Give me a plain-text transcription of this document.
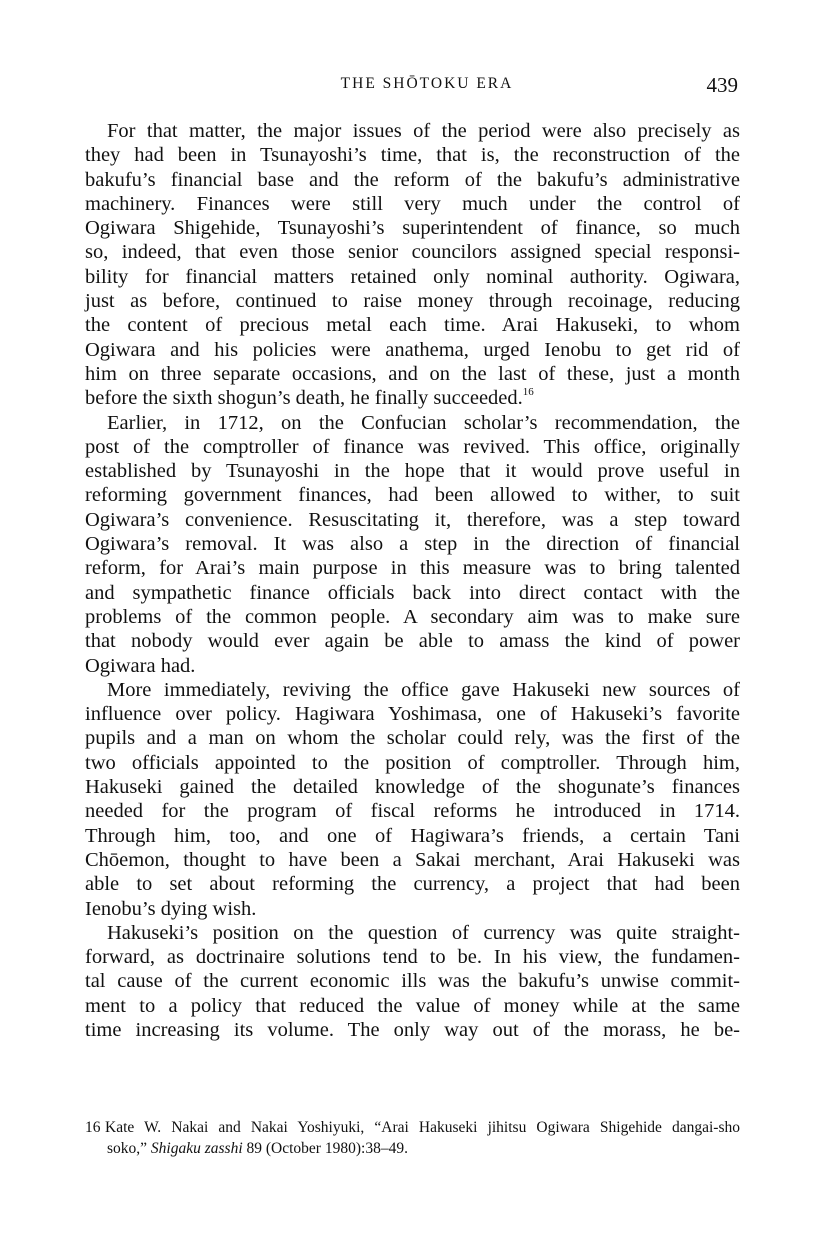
THE SHŌTOKU ERA	439
For that matter, the major issues of the period were also precisely as
they had been in Tsunayoshi’s time, that is, the reconstruction of the
bakufu’s financial base and the reform of the bakufu’s administrative
machinery. Finances were still very much under the control of
Ogiwara Shigehide, Tsunayoshi’s superintendent of finance, so much
so, indeed, that even those senior councilors assigned special responsi-
bility for financial matters retained only nominal authority. Ogiwara,
just as before, continued to raise money through recoinage, reducing
the content of precious metal each time. Arai Hakuseki, to whom
Ogiwara and his policies were anathema, urged Ienobu to get rid of
him on three separate occasions, and on the last of these, just a month
before the sixth shogun’s death, he finally succeeded.$^{16}$
Earlier, in 1712, on the Confucian scholar’s recommendation, the
post of the comptroller of finance was revived. This office, originally
established by Tsunayoshi in the hope that it would prove useful in
reforming government finances, had been allowed to wither, to suit
Ogiwara’s convenience. Resuscitating it, therefore, was a step toward
Ogiwara’s removal. It was also a step in the direction of financial
reform, for Arai’s main purpose in this measure was to bring talented
and sympathetic finance officials back into direct contact with the
problems of the common people. A secondary aim was to make sure
that nobody would ever again be able to amass the kind of power
Ogiwara had.
More immediately, reviving the office gave Hakuseki new sources of
influence over policy. Hagiwara Yoshimasa, one of Hakuseki’s favorite
pupils and a man on whom the scholar could rely, was the first of the
two officials appointed to the position of comptroller. Through him,
Hakuseki gained the detailed knowledge of the shogunate’s finances
needed for the program of fiscal reforms he introduced in 1714.
Through him, too, and one of Hagiwara’s friends, a certain Tani
Chōemon, thought to have been a Sakai merchant, Arai Hakuseki was
able to set about reforming the currency, a project that had been
Ienobu’s dying wish.
Hakuseki’s position on the question of currency was quite straight-
forward, as doctrinaire solutions tend to be. In his view, the fundamen-
tal cause of the current economic ills was the bakufu’s unwise commit-
ment to a policy that reduced the value of money while at the same
time increasing its volume. The only way out of the morass, he be-
16 Kate W. Nakai and Nakai Yoshiyuki, “Arai Hakuseki jihitsu Ogiwara Shigehide dangai-sho
soko,” Shigaku zasshi 89 (October 1980):38–49.
